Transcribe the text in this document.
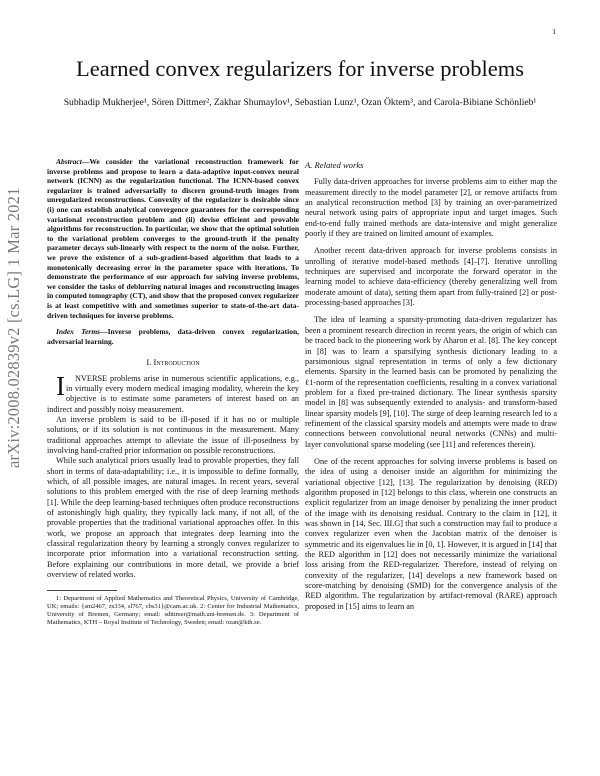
1
arXiv:2008.02839v2 [cs.LG] 1 Mar 2021
Learned convex regularizers for inverse problems
Subhadip Mukherjee¹, Sören Dittmer², Zakhar Shumaylov¹, Sebastian Lunz¹, Ozan Öktem³, and Carola-Bibiane Schönlieb¹

Abstract—We consider the variational reconstruction framework for inverse problems and propose to learn a data-adaptive input-convex neural network (ICNN) as the regularization functional. The ICNN-based convex regularizer is trained adversarially to discern ground-truth images from unregularized reconstructions. Convexity of the regularizer is desirable since (i) one can establish analytical convergence guarantees for the corresponding variational reconstruction problem and (ii) devise efficient and provable algorithms for reconstruction. In particular, we show that the optimal solution to the variational problem converges to the ground-truth if the penalty parameter decays sub-linearly with respect to the norm of the noise. Further, we prove the existence of a sub-gradient-based algorithm that leads to a monotonically decreasing error in the parameter space with iterations. To demonstrate the performance of our approach for solving inverse problems, we consider the tasks of deblurring natural images and reconstructing images in computed tomography (CT), and show that the proposed convex regularizer is at least competitive with and sometimes superior to state-of-the-art data-driven techniques for inverse problems.

Index Terms—Inverse problems, data-driven convex regularization, adversarial learning.

I. Introduction

I NVERSE problems arise in numerous scientific applications, e.g., in virtually every modern medical imaging modality, wherein the key objective is to estimate some parameters of interest based on an indirect and possibly noisy measurement.

An inverse problem is said to be ill-posed if it has no or multiple solutions, or if its solution is not continuous in the measurement. Many traditional approaches attempt to alleviate the issue of ill-posedness by involving hand-crafted prior information on possible reconstructions.

While such analytical priors usually lead to provable properties, they fall short in terms of data-adaptability; i.e., it is impossible to define formally, which, of all possible images, are natural images. In recent years, several solutions to this problem emerged with the rise of deep learning methods [1]. While the deep learning-based techniques often produce reconstructions of astonishingly high quality, they typically lack many, if not all, of the provable properties that the traditional variational approaches offer. In this work, we propose an approach that integrates deep learning into the classical regularization theory by learning a strongly convex regularizer to incorporate prior information into a variational reconstruction setting. Before explaining our contributions in more detail, we provide a brief overview of related works.

1: Department of Applied Mathematics and Theoretical Physics, University of Cambridge, UK; emails: {sm2467, zs334, sl767, cbs31}@cam.ac.uk. 2: Center for Industrial Mathematics, University of Bremen, Germany; email: sdittmer@math.uni-bremen.de. 3: Department of Mathematics, KTH – Royal Institute of Technology, Sweden; email: ozan@kth.se.

A. Related works

Fully data-driven approaches for inverse problems aim to either map the measurement directly to the model parameter [2], or remove artifacts from an analytical reconstruction method [3] by training an over-parametrized neural network using pairs of appropriate input and target images. Such end-to-end fully trained methods are data-intensive and might generalize poorly if they are trained on limited amount of examples.

Another recent data-driven approach for inverse problems consists in unrolling of iterative model-based methods [4]–[7]. Iterative unrolling techniques are supervised and incorporate the forward operator in the learning model to achieve data-efficiency (thereby generalizing well from moderate amount of data), setting them apart from fully-trained [2] or post-processing-based approaches [3].

The idea of learning a sparsity-promoting data-driven regularizer has been a prominent research direction in recent years, the origin of which can be traced back to the pioneering work by Aharon et al. [8]. The key concept in [8] was to learn a sparsifying synthesis dictionary leading to a parsimonious signal representation in terms of only a few dictionary elements. Sparsity in the learned basis can be promoted by penalizing the ℓ1-norm of the representation coefficients, resulting in a convex variational problem for a fixed pre-trained dictionary. The linear synthesis sparsity model in [8] was subsequently extended to analysis- and transform-based linear sparsity models [9], [10]. The surge of deep learning research led to a refinement of the classical sparsity models and attempts were made to draw connections between convolutional neural networks (CNNs) and multi-layer convolutional sparse modeling (see [11] and references therein).

One of the recent approaches for solving inverse problems is based on the idea of using a denoiser inside an algorithm for minimizing the variational objective [12], [13]. The regularization by denoising (RED) algorithm proposed in [12] belongs to this class, wherein one constructs an explicit regularizer from an image denoiser by penalizing the inner product of the image with its denoising residual. Contrary to the claim in [12], it was shown in [14, Sec. III.G] that such a construction may fail to produce a convex regularizer even when the Jacobian matrix of the denoiser is symmetric and its eigenvalues lie in [0, 1]. However, it is argued in [14] that the RED algorithm in [12] does not necessarily minimize the variational loss arising from the RED-regularizer. Therefore, instead of relying on convexity of the regularizer, [14] develops a new framework based on score-matching by denoising (SMD) for the convergence analysis of the RED algorithm. The regularization by artifact-removal (RARE) approach proposed in [15] aims to learn an
